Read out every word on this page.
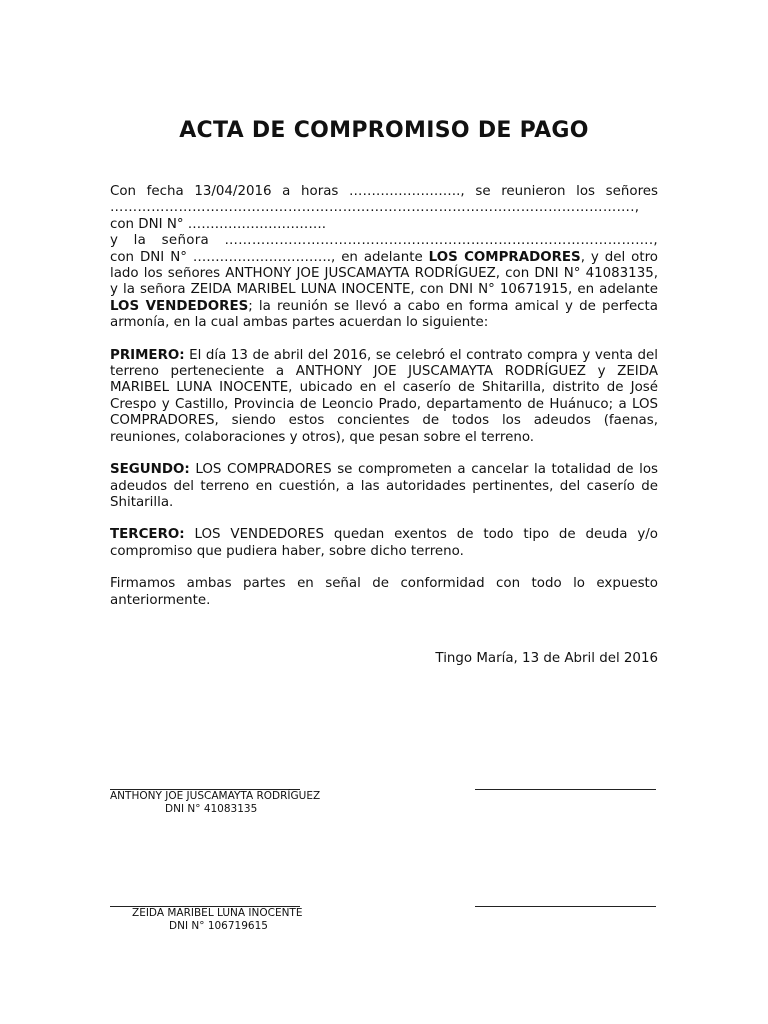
ACTA DE COMPROMISO DE PAGO
Con fecha 13/04/2016 a horas ……………………., se reunieron los señores
…………………………………………………………………………………………………….,
con DNI N° ………………………….
y la señora ………………………………………………………………………………….,
con DNI N° …………………………., en adelante LOS COMPRADORES, y del otro lado los señores ANTHONY JOE JUSCAMAYTA RODRÍGUEZ, con DNI N° 41083135, y la señora ZEIDA MARIBEL LUNA INOCENTE, con DNI N° 10671915, en adelante LOS VENDEDORES; la reunión se llevó a cabo en forma amical y de perfecta armonía, en la cual ambas partes acuerdan lo siguiente:

PRIMERO: El día 13 de abril del 2016, se celebró el contrato compra y venta del terreno perteneciente a ANTHONY JOE JUSCAMAYTA RODRÍGUEZ y ZEIDA MARIBEL LUNA INOCENTE, ubicado en el caserío de Shitarilla, distrito de José Crespo y Castillo, Provincia de Leoncio Prado, departamento de Huánuco; a LOS COMPRADORES, siendo estos concientes de todos los adeudos (faenas, reuniones, colaboraciones y otros), que pesan sobre el terreno.

SEGUNDO: LOS COMPRADORES se comprometen a cancelar la totalidad de los adeudos del terreno en cuestión, a las autoridades pertinentes, del caserío de Shitarilla.

TERCERO: LOS VENDEDORES quedan exentos de todo tipo de deuda y/o compromiso que pudiera haber, sobre dicho terreno.

Firmamos ambas partes en señal de conformidad con todo lo expuesto anteriormente.

Tingo María, 13 de Abril del 2016
ANTHONY JOE JUSCAMAYTA RODRÍGUEZ
DNI N° 41083135
ZEIDA MARIBEL LUNA INOCENTE
DNI N° 106719615
